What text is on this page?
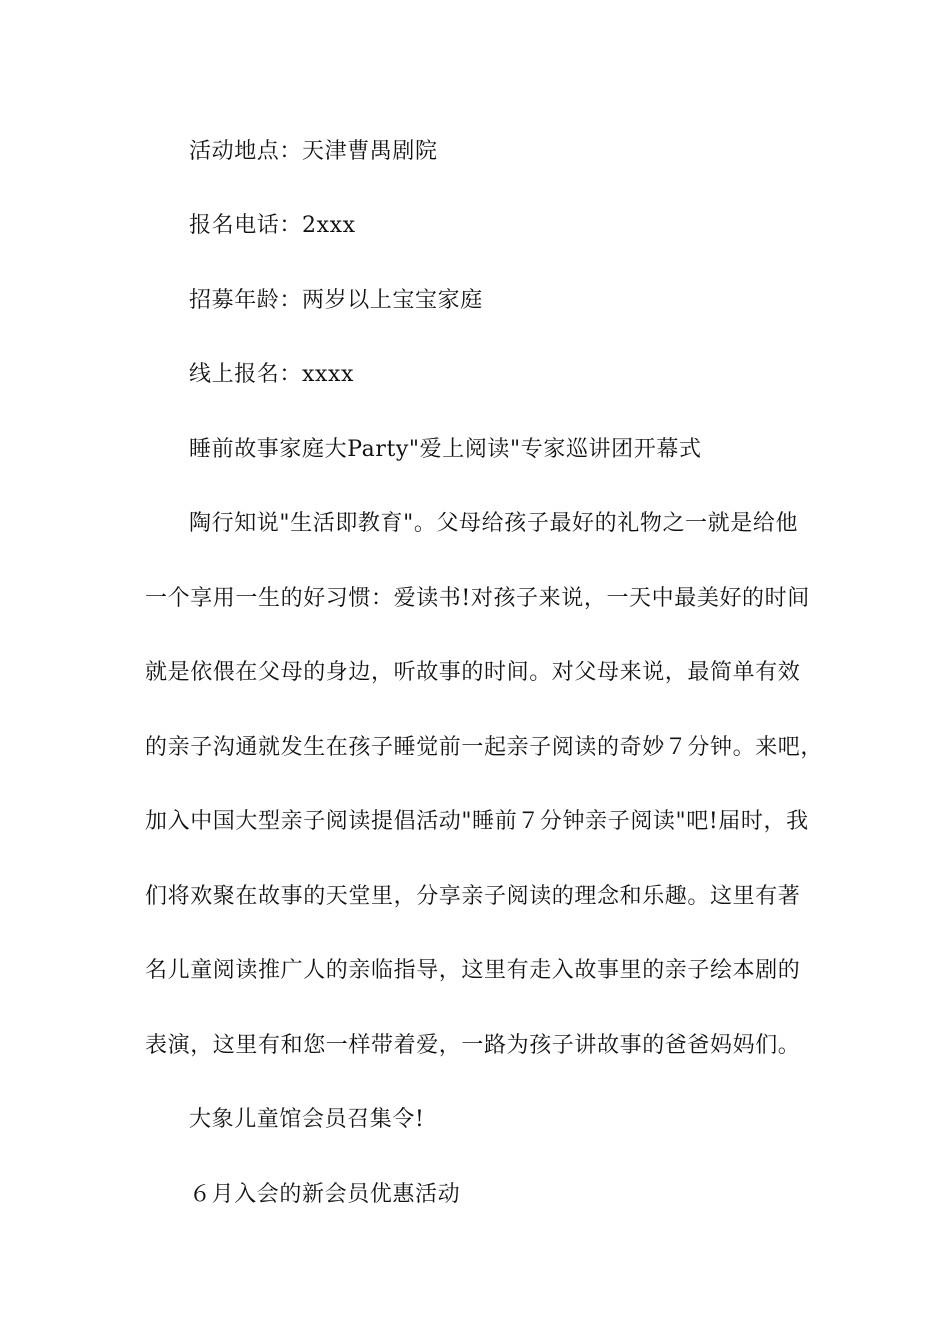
活动地点：天津曹禺剧院
报名电话：2xxx
招募年龄：两岁以上宝宝家庭
线上报名：xxxx
睡前故事家庭大Party"爱上阅读"专家巡讲团开幕式
陶行知说"生活即教育"。父母给孩子最好的礼物之一就是给他
一个享用一生的好习惯：爱读书!对孩子来说，一天中最美好的时间
就是依偎在父母的身边，听故事的时间。对父母来说，最简单有效
的亲子沟通就发生在孩子睡觉前一起亲子阅读的奇妙７分钟。来吧，
加入中国大型亲子阅读提倡活动"睡前７分钟亲子阅读"吧!届时，我
们将欢聚在故事的天堂里，分享亲子阅读的理念和乐趣。这里有著
名儿童阅读推广人的亲临指导，这里有走入故事里的亲子绘本剧的
表演，这里有和您一样带着爱，一路为孩子讲故事的爸爸妈妈们。
大象儿童馆会员召集令!
６月入会的新会员优惠活动
